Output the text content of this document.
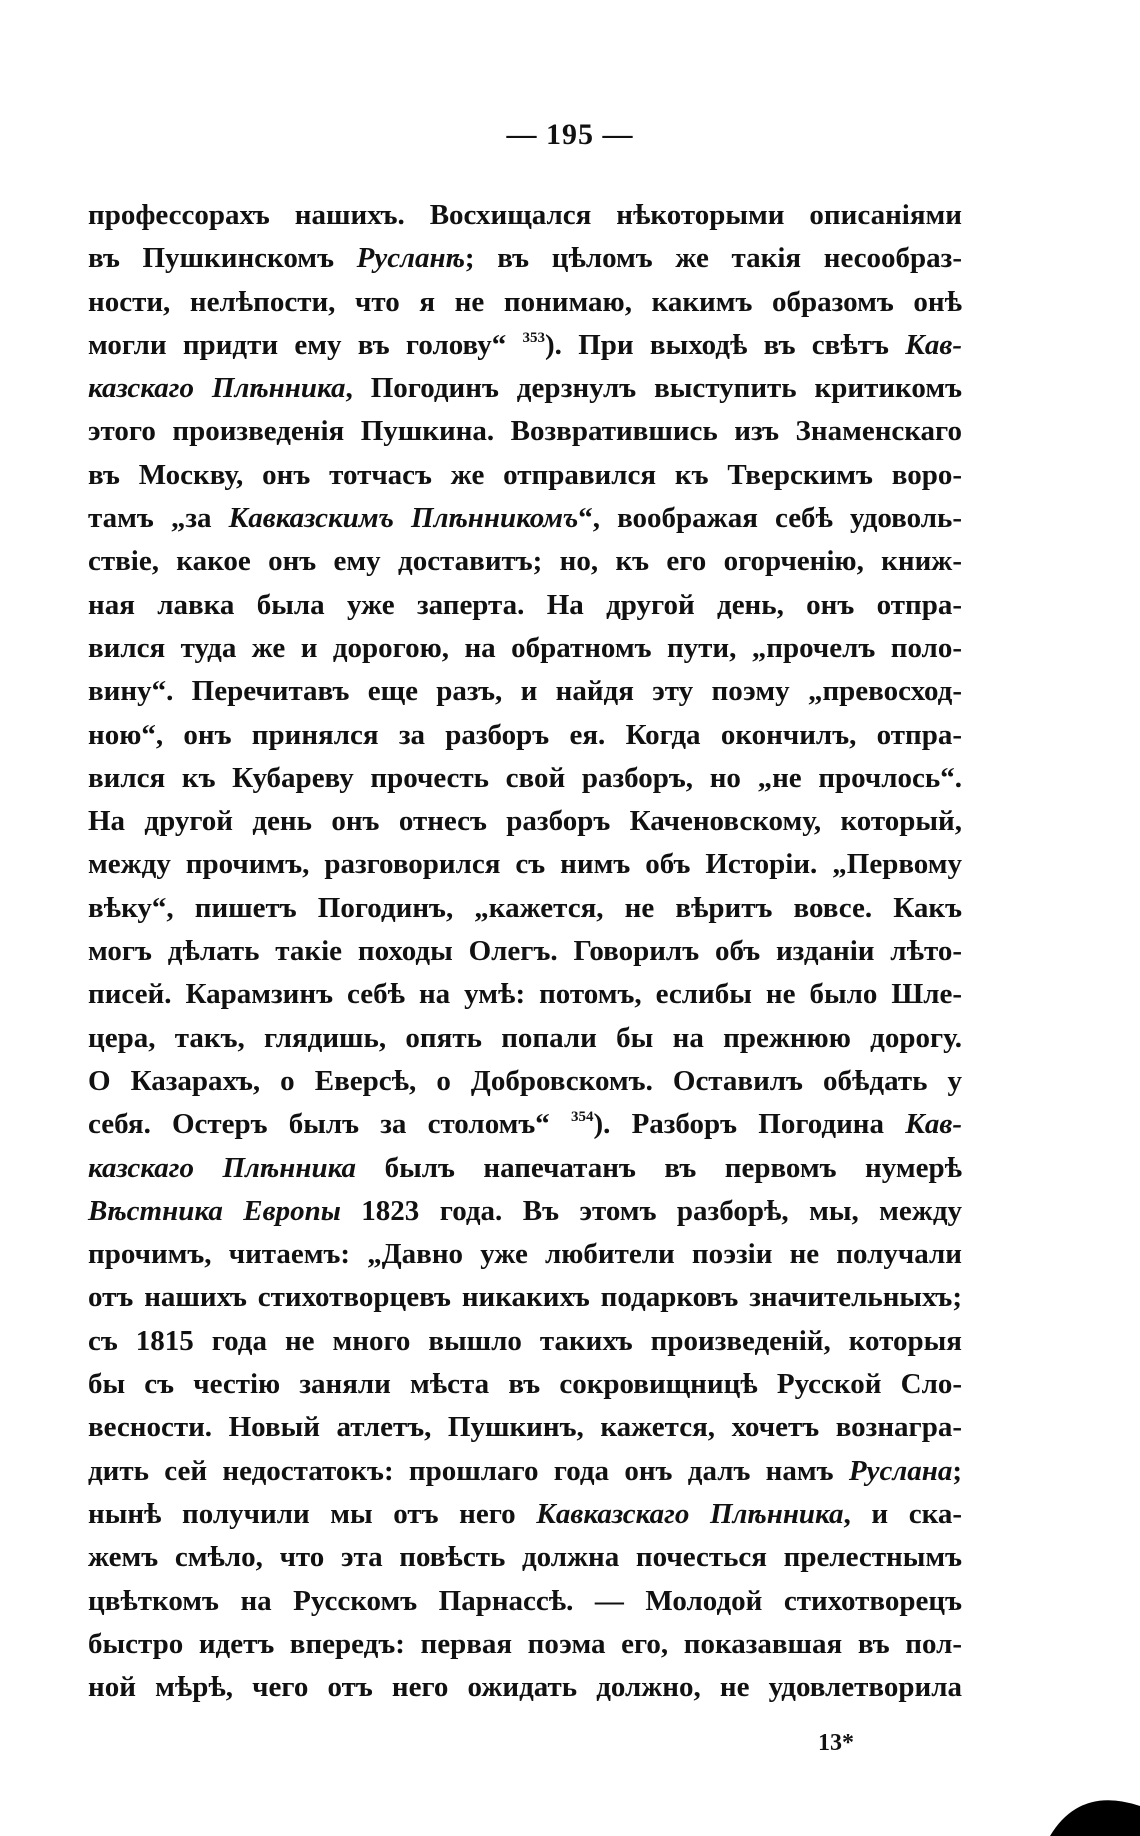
— 195 —
профессорахъ нашихъ. Восхищался нѣкоторыми описаніями
въ Пушкинскомъ Русланѣ; въ цѣломъ же такія несообраз-
ности, нелѣпости, что я не понимаю, какимъ образомъ онѣ
могли придти ему въ голову“ $^{353}$). При выходѣ въ свѣтъ Кав-
казскаго Плѣнника, Погодинъ дерзнулъ выступить критикомъ
этого произведенія Пушкина. Возвратившись изъ Знаменскаго
въ Москву, онъ тотчасъ же отправился къ Тверскимъ воро-
тамъ „за Кавказскимъ Плѣнникомъ“, воображая себѣ удоволь-
ствіе, какое онъ ему доставитъ; но, къ его огорченію, книж-
ная лавка была уже заперта. На другой день, онъ отпра-
вился туда же и дорогою, на обратномъ пути, „прочелъ поло-
вину“. Перечитавъ еще разъ, и найдя эту поэму „превосход-
ною“, онъ принялся за разборъ ея. Когда окончилъ, отпра-
вился къ Кубареву прочесть свой разборъ, но „не прочлось“.
На другой день онъ отнесъ разборъ Каченовскому, который,
между прочимъ, разговорился съ нимъ объ Исторіи. „Первому
вѣку“, пишетъ Погодинъ, „кажется, не вѣритъ вовсе. Какъ
могъ дѣлать такіе походы Олегъ. Говорилъ объ изданіи лѣто-
писей. Карамзинъ себѣ на умѣ: потомъ, еслибы не было Шле-
цера, такъ, глядишь, опять попали бы на прежнюю дорогу.
О Казарахъ, о Еверсѣ, о Добровскомъ. Оставилъ обѣдать у
себя. Остеръ былъ за столомъ“ $^{354}$). Разборъ Погодина Кав-
казскаго Плѣнника былъ напечатанъ въ первомъ нумерѣ
Вѣстника Европы 1823 года. Въ этомъ разборѣ, мы, между
прочимъ, читаемъ: „Давно уже любители поэзіи не получали
отъ нашихъ стихотворцевъ никакихъ подарковъ значительныхъ;
съ 1815 года не много вышло такихъ произведеній, которыя
бы съ честію заняли мѣста въ сокровищницѣ Русской Сло-
весности. Новый атлетъ, Пушкинъ, кажется, хочетъ вознагра-
дить сей недостатокъ: прошлаго года онъ далъ намъ Руслана;
нынѣ получили мы отъ него Кавказскаго Плѣнника, и ска-
жемъ смѣло, что эта повѣсть должна почесться прелестнымъ
цвѣткомъ на Русскомъ Парнассѣ. — Молодой стихотворецъ
быстро идетъ впередъ: первая поэма его, показавшая въ пол-
ной мѣрѣ, чего отъ него ожидать должно, не удовлетворила
13*
